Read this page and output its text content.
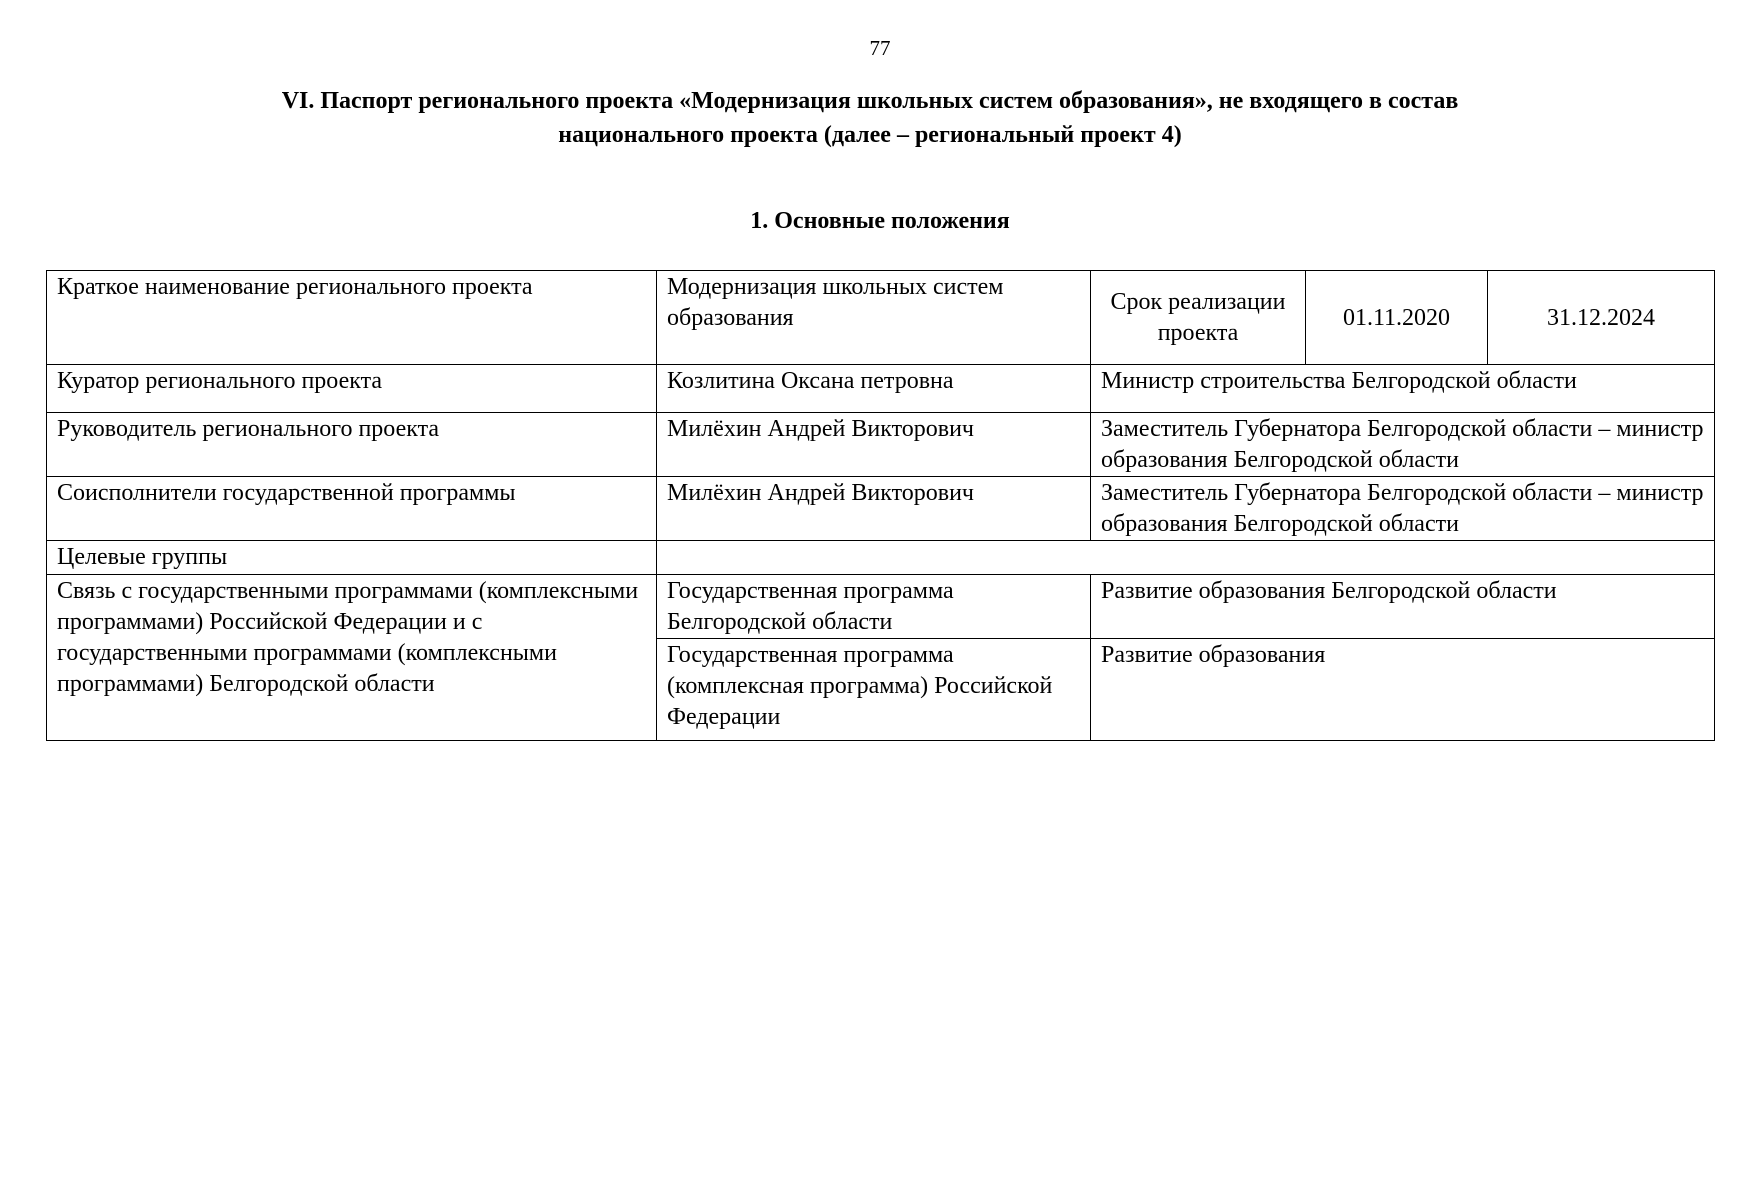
77
VI. Паспорт регионального проекта «Модернизация школьных систем образования», не входящего в состав
национального проекта (далее – региональный проект 4)
1. Основные положения
Краткое наименование регионального проекта	Модернизация школьных систем образования	Срок реализации проекта	01.11.2020	31.12.2024
Куратор регионального проекта	Козлитина Оксана петровна	Министр строительства Белгородской области		
Руководитель регионального проекта	Милёхин Андрей Викторович	Заместитель Губернатора Белгородской области – министр образования Белгородской области		
Соисполнители государственной программы	Милёхин Андрей Викторович	Заместитель Губернатора Белгородской области – министр образования Белгородской области		
Целевые группы				
Связь с государственными программами (комплексными программами) Российской Федерации и с государственными программами (комплексными программами) Белгородской области	Государственная программа Белгородской области	Развитие образования Белгородской области		
	Государственная программа (комплексная программа) Российской Федерации	Развитие образования		
